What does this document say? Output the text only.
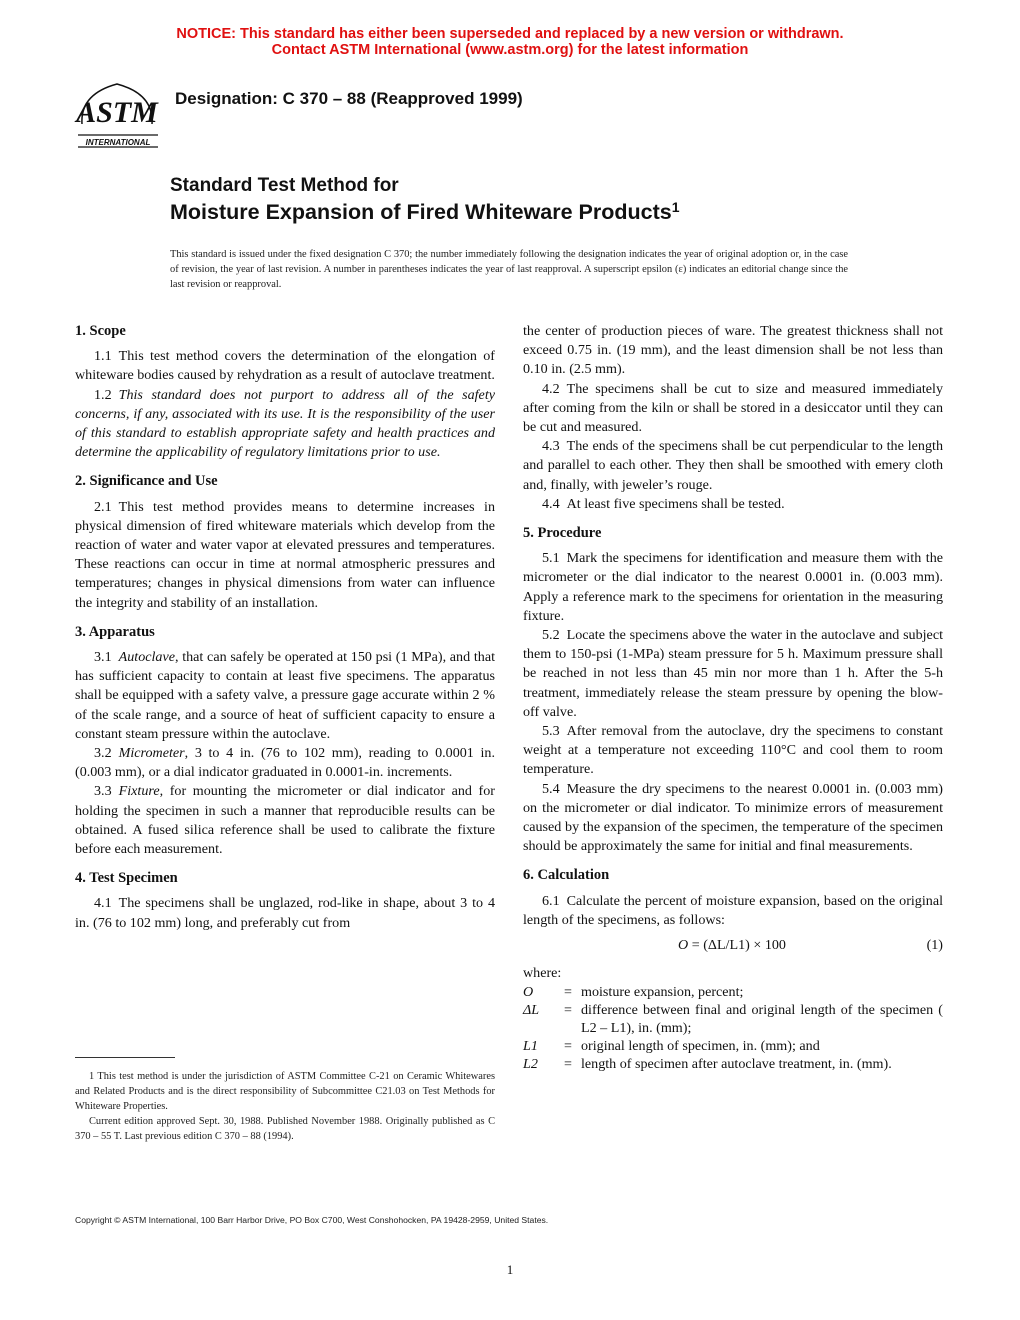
NOTICE: This standard has either been superseded and replaced by a new version or withdrawn.
Contact ASTM International (www.astm.org) for the latest information
ASTM
INTERNATIONAL
Designation: C 370 – 88 (Reapproved 1999)
Standard Test Method for
Moisture Expansion of Fired Whiteware Products$^1$
This standard is issued under the fixed designation C 370; the number immediately following the designation indicates the year of original adoption or, in the case of revision, the year of last revision. A number in parentheses indicates the year of last reapproval. A superscript epsilon (ε) indicates an editorial change since the last revision or reapproval.
1. Scope

1.1 This test method covers the determination of the elongation of whiteware bodies caused by rehydration as a result of autoclave treatment.

1.2 This standard does not purport to address all of the safety concerns, if any, associated with its use. It is the responsibility of the user of this standard to establish appropriate safety and health practices and determine the applicability of regulatory limitations prior to use.

2. Significance and Use

2.1 This test method provides means to determine increases in physical dimension of fired whiteware materials which develop from the reaction of water and water vapor at elevated pressures and temperatures. These reactions can occur in time at normal atmospheric pressures and temperatures; changes in physical dimensions from water can influence the integrity and stability of an installation.

3. Apparatus

3.1 Autoclave, that can safely be operated at 150 psi (1 MPa), and that has sufficient capacity to contain at least five specimens. The apparatus shall be equipped with a safety valve, a pressure gage accurate within 2 % of the scale range, and a source of heat of sufficient capacity to ensure a constant steam pressure within the autoclave.

3.2 Micrometer, 3 to 4 in. (76 to 102 mm), reading to 0.0001 in. (0.003 mm), or a dial indicator graduated in 0.0001-in. increments.

3.3 Fixture, for mounting the micrometer or dial indicator and for holding the specimen in such a manner that reproducible results can be obtained. A fused silica reference shall be used to calibrate the fixture before each measurement.

4. Test Specimen

4.1 The specimens shall be unglazed, rod-like in shape, about 3 to 4 in. (76 to 102 mm) long, and preferably cut from

the center of production pieces of ware. The greatest thickness shall not exceed 0.75 in. (19 mm), and the least dimension shall be not less than 0.10 in. (2.5 mm).

4.2 The specimens shall be cut to size and measured immediately after coming from the kiln or shall be stored in a desiccator until they can be cut and measured.

4.3 The ends of the specimens shall be cut perpendicular to the length and parallel to each other. They then shall be smoothed with emery cloth and, finally, with jeweler’s rouge.

4.4 At least five specimens shall be tested.

5. Procedure

5.1 Mark the specimens for identification and measure them with the micrometer or the dial indicator to the nearest 0.0001 in. (0.003 mm). Apply a reference mark to the specimens for orientation in the measuring fixture.

5.2 Locate the specimens above the water in the autoclave and subject them to 150-psi (1-MPa) steam pressure for 5 h. Maximum pressure shall be reached in not less than 45 min nor more than 1 h. After the 5-h treatment, immediately release the steam pressure by opening the blow-off valve.

5.3 After removal from the autoclave, dry the specimens to constant weight at a temperature not exceeding 110°C and cool them to room temperature.

5.4 Measure the dry specimens to the nearest 0.0001 in. (0.003 mm) on the micrometer or dial indicator. To minimize errors of measurement caused by the expansion of the specimen, the temperature of the specimen should be approximately the same for initial and final measurements.

6. Calculation

6.1 Calculate the percent of moisture expansion, based on the original length of the specimens, as follows:

O = (ΔL/L1) × 100	(1)

where:

O	=	moisture expansion, percent;
ΔL	=	difference between final and original length of the specimen ( L2 – L1), in. (mm);
L1	=	original length of specimen, in. (mm); and
L2	=	length of specimen after autoclave treatment, in. (mm).

1 This test method is under the jurisdiction of ASTM Committee C-21 on Ceramic Whitewares and Related Products and is the direct responsibility of Subcommittee C21.03 on Test Methods for Whiteware Properties.

Current edition approved Sept. 30, 1988. Published November 1988. Originally published as C 370 – 55 T. Last previous edition C 370 – 88 (1994).

Copyright © ASTM International, 100 Barr Harbor Drive, PO Box C700, West Conshohocken, PA 19428-2959, United States.
1
